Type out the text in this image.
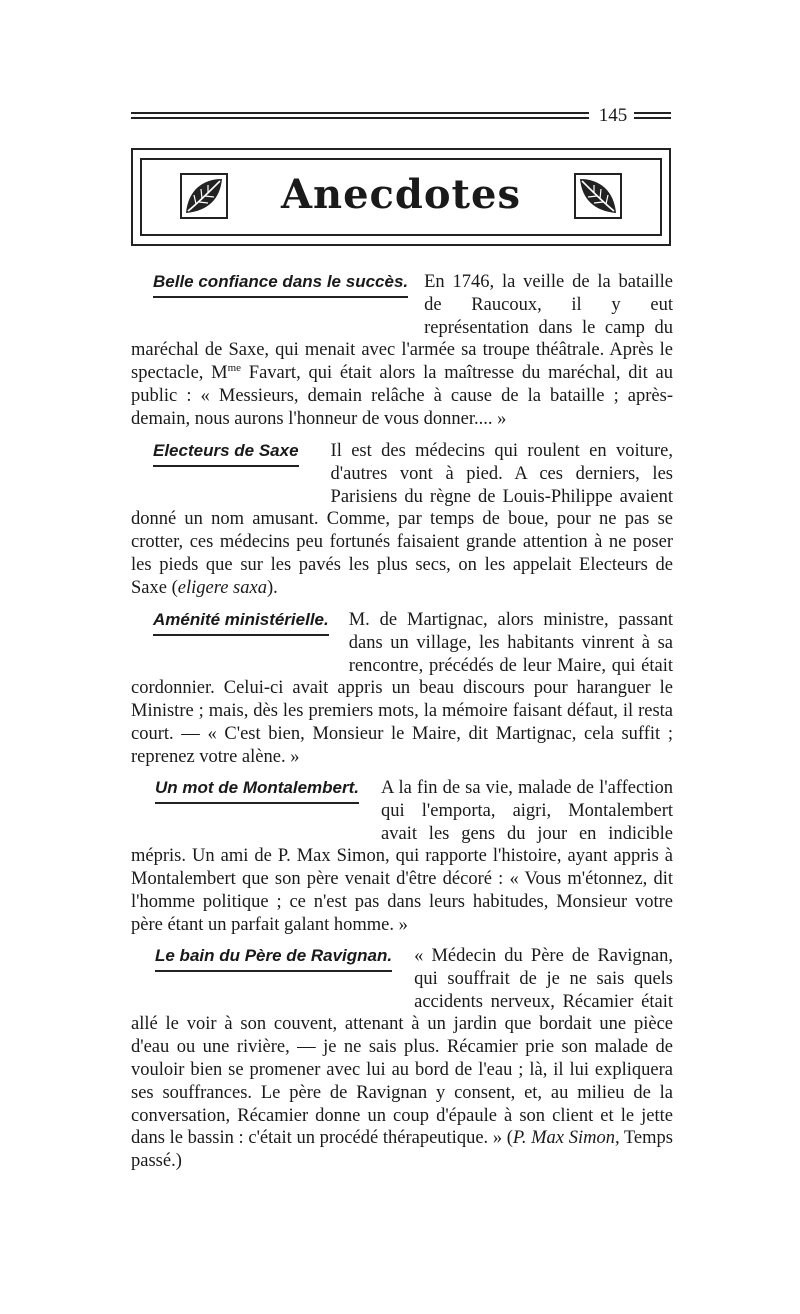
145
Anecdotes
Belle confiance dans le succès. En 1746, la veille de la bataille de Raucoux, il y eut représentation dans le camp du maréchal de Saxe, qui menait avec l'armée sa troupe théâtrale. Après le spectacle, $M^{me}$ Favart, qui était alors la maîtresse du maréchal, dit au public : « Messieurs, demain relâche à cause de la bataille ; après-demain, nous aurons l'honneur de vous donner.... »
Electeurs de Saxe Il est des médecins qui roulent en voiture, d'autres vont à pied. A ces derniers, les Parisiens du règne de Louis-Philippe avaient donné un nom amusant. Comme, par temps de boue, pour ne pas se crotter, ces médecins peu fortunés faisaient grande attention à ne poser les pieds que sur les pavés les plus secs, on les appelait Electeurs de Saxe (eligere saxa).
Aménité ministérielle. M. de Martignac, alors ministre, passant dans un village, les habitants vinrent à sa rencontre, précédés de leur Maire, qui était cordonnier. Celui-ci avait appris un beau discours pour haranguer le Ministre ; mais, dès les premiers mots, la mémoire faisant défaut, il resta court. — « C'est bien, Monsieur le Maire, dit Martignac, cela suffit ; reprenez votre alène. »
Un mot de Montalembert. A la fin de sa vie, malade de l'affection qui l'emporta, aigri, Montalembert avait les gens du jour en indicible mépris. Un ami de P. Max Simon, qui rapporte l'histoire, ayant appris à Montalembert que son père venait d'être décoré : « Vous m'étonnez, dit l'homme politique ; ce n'est pas dans leurs habitudes, Monsieur votre père étant un parfait galant homme. »
Le bain du Père de Ravignan. « Médecin du Père de Ravignan, qui souffrait de je ne sais quels accidents nerveux, Récamier était allé le voir à son couvent, attenant à un jardin que bordait une pièce d'eau ou une rivière, — je ne sais plus. Récamier prie son malade de vouloir bien se promener avec lui au bord de l'eau ; là, il lui expliquera ses souffrances. Le père de Ravignan y consent, et, au milieu de la conversation, Récamier donne un coup d'épaule à son client et le jette dans le bassin : c'était un procédé thérapeutique. » (P. Max Simon, Temps passé.)
